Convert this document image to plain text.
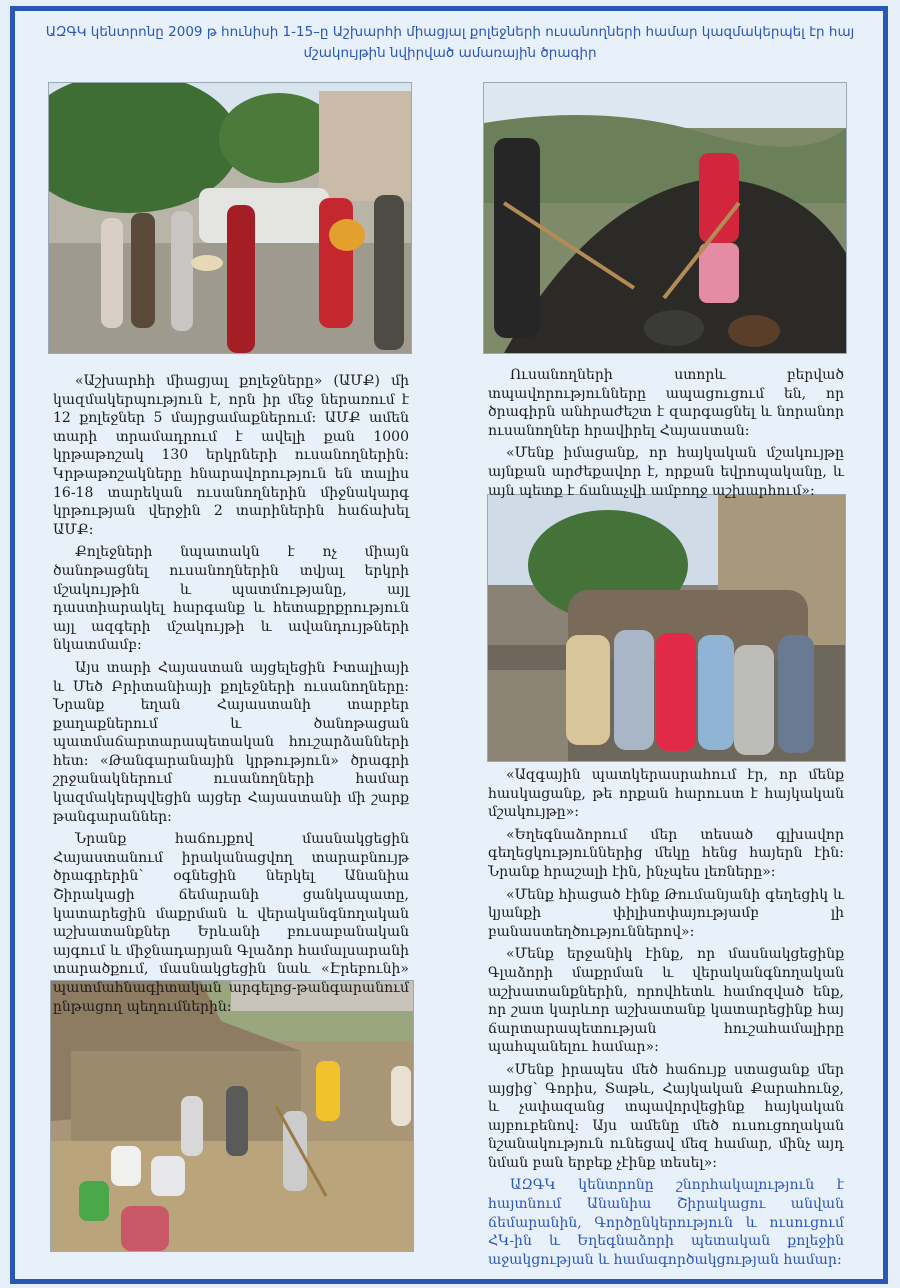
ԱԶԳԿ կենտրոնը 2009 թ հունիսի 1-15–ը Աշխարհի միացյալ քոլեջների ուսանողների համար կազմակերպել էր հայ մշակույթին նվիրված ամառային ծրագիր

«Աշխարհի միացյալ քոլեջները» (ԱՄՔ) մի կազմակերպություն է, որն իր մեջ ներառում է 12 քոլեջներ 5 մայրցամաքներում: ԱՄՔ ամեն տարի տրամադրում է ավելի քան 1000 կրթաթոշակ 130 երկրների ուսանողներին: Կրթաթոշակները հնարավորություն են տալիս 16-18 տարեկան ուսանողներին միջնակարգ կրթության վերջին 2 տարիներին հաճախել ԱՄՔ:

Քոլեջների նպատակն է ոչ միայն ծանոթացնել ուսանողներին տվյալ երկրի մշակույթին և պատմությանը, այլ դաստիարակել հարգանք և հետաքրքրություն այլ ազգերի մշակույթի և ավանդույթների նկատմամբ:

Այս տարի Հայաստան այցելեցին Իտալիայի և Մեծ Բրիտանիայի քոլեջների ուսանողները: Նրանք եղան Հայաստանի տարբեր քաղաքներում և ծանոթացան պատմաճարտարապետական հուշարձանների հետ: «Թանգարանային կրթություն» ծրագրի շրջանակներում ուսանողների համար կազմակերպվեցին այցեր Հայաստանի մի շարք թանգարաններ:

Նրանք հաճույքով մասնակցեցին Հայաստանում իրականացվող տարաբնույթ ծրագրերին՝ օգնեցին ներկել Անանիա Շիրակացի ճեմարանի ցանկապատը, կատարեցին մաքրման և վերականգնողական աշխատանքներ Երևանի բուսաբանական այգում և միջնադարյան Գլաձոր համալսարանի տարածքում, մասնակցեցին նաև «Էրեբունի» պատմահնագիտական արգելոց-թանգարանում ընթացող պեղումներին:

Ուսանողների ստորև բերված տպավորությունները ապացուցում են, որ ծրագիրն անհրաժեշտ է զարգացնել և նորանոր ուսանողներ հրավիրել Հայաստան:

«Մենք իմացանք, որ հայկական մշակույթը այնքան արժեքավոր է, որքան եվրոպականը, և այն պետք է ճանաչվի ամբողջ աշխարհում»:

«Ազգային պատկերասրահում էր, որ մենք հասկացանք, թե որքան հարուստ է հայկական մշակույթը»:

«Եղեգնաձորում մեր տեսած գլխավոր գեղեցկություններից մեկը հենց հայերն էին: Նրանք հրաշալի էին, ինչպես լեռները»:

«Մենք հիացած էինք Թումանյանի գեղեցիկ և կյանքի փիլիսոփայությամբ լի բանաստեղծություններով»:

«Մենք երջանիկ էինք, որ մասնակցեցինք Գլաձորի մաքրման և վերականգնողական աշխատանքներին, որովհետև համոզված ենք, որ շատ կարևոր աշխատանք կատարեցինք հայ ճարտարապետության հուշահամալիրը պահպանելու համար»:

«Մենք իրապես մեծ հաճույք ստացանք մեր այցից՝ Գորիս, Տաթև, Հայկական Քարահունջ, և չափազանց տպավորվեցինք հայկական այբուբենով: Այս ամենը մեծ ուսուցողական նշանակություն ունեցավ մեզ համար, մինչ այդ նման բան երբեք չէինք տեսել»:

ԱԶԳԿ կենտրոնը շնորհակալություն է հայտնում Անանիա Շիրակացու անվան ճեմարանին, Գործընկերություն և ուսուցում ՀԿ-ին և Եղեգնաձորի պետական քոլեջին աջակցության և համագործակցության համար:
